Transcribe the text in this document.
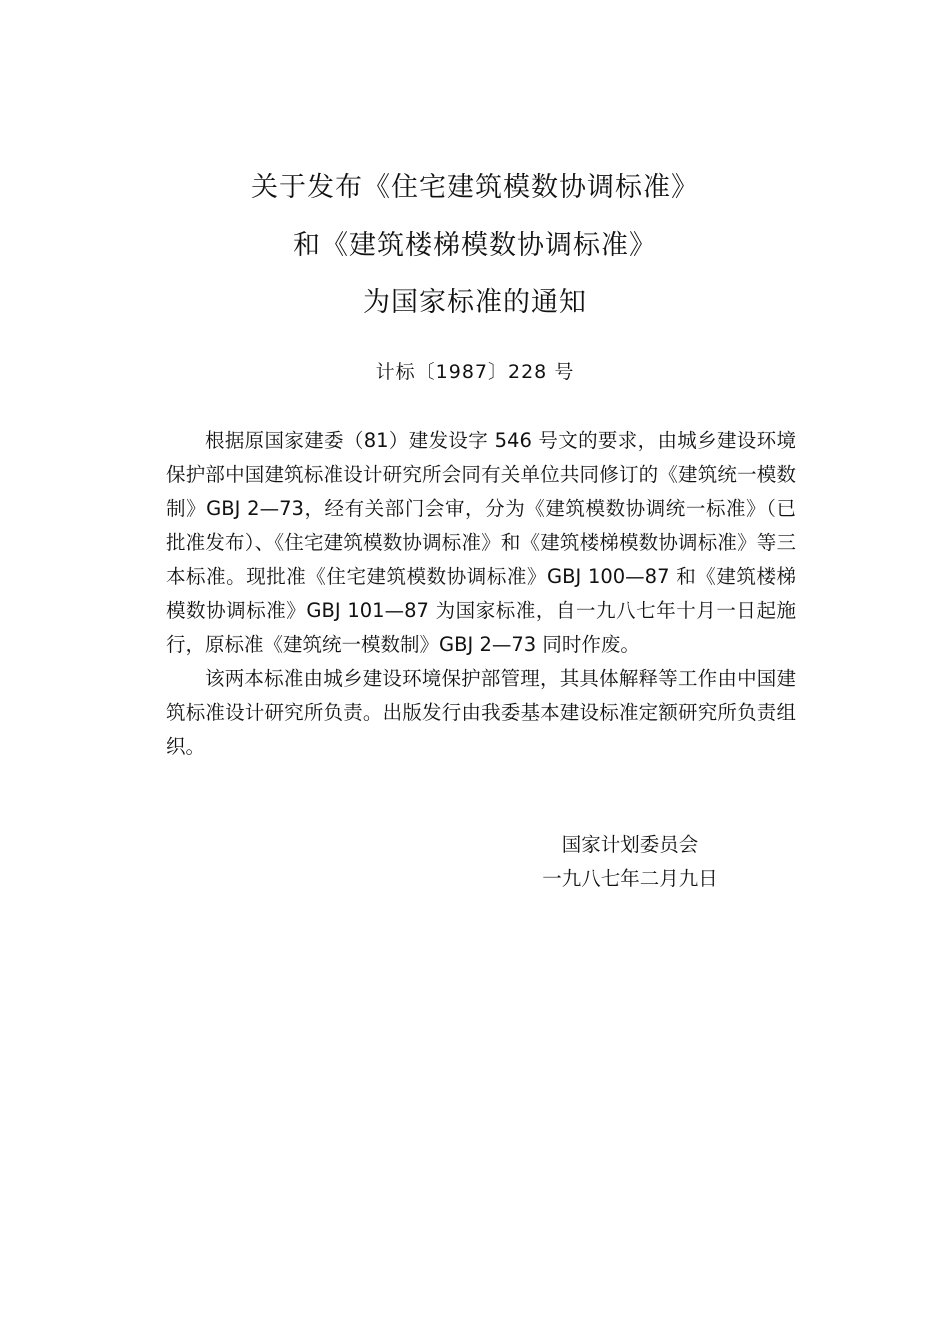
关于发布《住宅建筑模数协调标准》
和《建筑楼梯模数协调标准》
为国家标准的通知
计标〔1987〕228 号

根据原国家建委（81）建发设字 546 号文的要求，由城乡建设环境保护部中国建筑标准设计研究所会同有关单位共同修订的《建筑统一模数制》GBJ 2—73，经有关部门会审，分为《建筑模数协调统一标准》（已批准发布）、《住宅建筑模数协调标准》和《建筑楼梯模数协调标准》等三本标准。现批准《住宅建筑模数协调标准》GBJ 100—87 和《建筑楼梯模数协调标准》GBJ 101—87 为国家标准，自一九八七年十月一日起施行，原标准《建筑统一模数制》GBJ 2—73 同时作废。

该两本标准由城乡建设环境保护部管理，其具体解释等工作由中国建筑标准设计研究所负责。出版发行由我委基本建设标准定额研究所负责组织。

国家计划委员会
一九八七年二月九日
